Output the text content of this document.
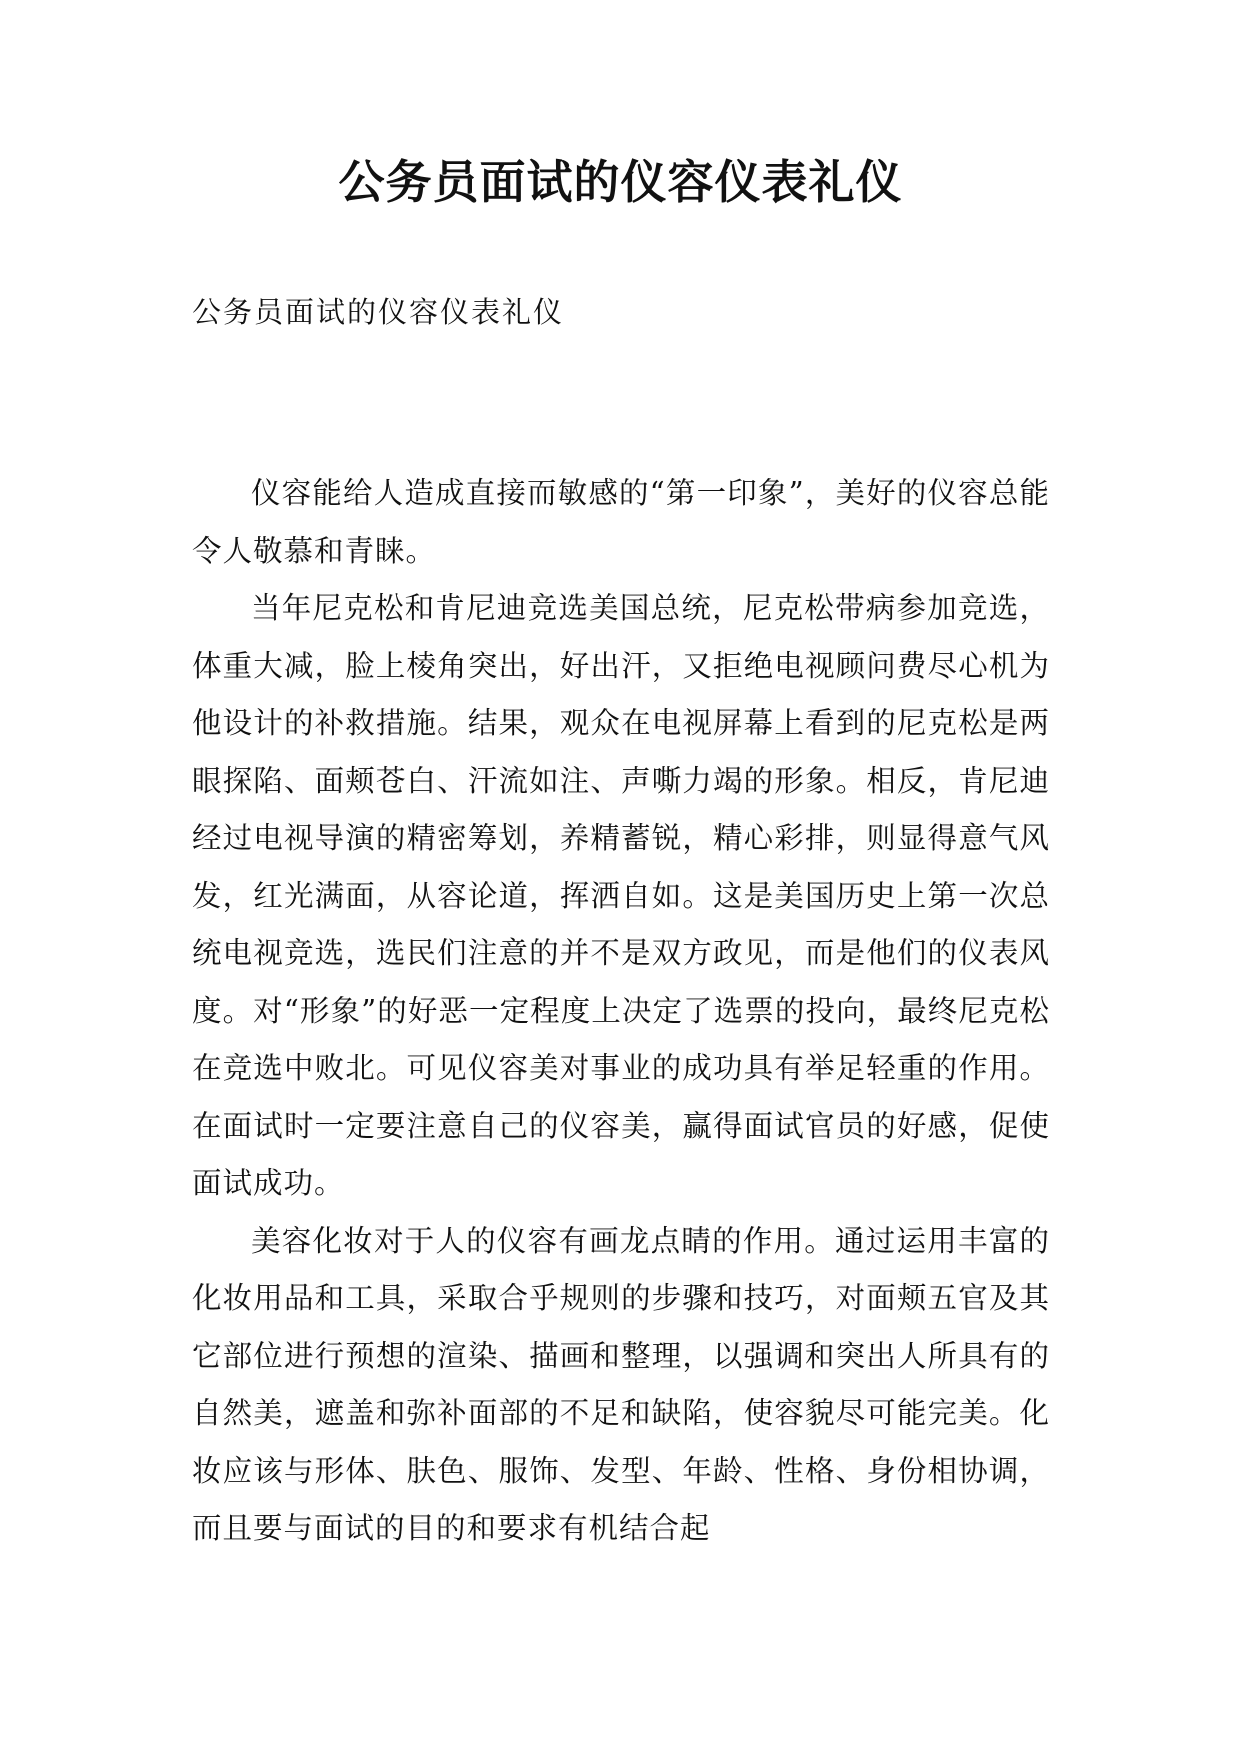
公务员面试的仪容仪表礼仪

公务员面试的仪容仪表礼仪

仪容能给人造成直接而敏感的“第一印象”，美好的仪容总能令人敬慕和青睐。

当年尼克松和肯尼迪竞选美国总统，尼克松带病参加竞选，体重大减，脸上棱角突出，好出汗，又拒绝电视顾问费尽心机为他设计的补救措施。结果，观众在电视屏幕上看到的尼克松是两眼探陷、面颊苍白、汗流如注、声嘶力竭的形象。相反，肯尼迪经过电视导演的精密筹划，养精蓄锐，精心彩排，则显得意气风发，红光满面，从容论道，挥洒自如。这是美国历史上第一次总统电视竞选，选民们注意的并不是双方政见，而是他们的仪表风度。对“形象”的好恶一定程度上决定了选票的投向，最终尼克松在竞选中败北。可见仪容美对事业的成功具有举足轻重的作用。在面试时一定要注意自己的仪容美，赢得面试官员的好感，促使面试成功。

美容化妆对于人的仪容有画龙点睛的作用。通过运用丰富的化妆用品和工具，采取合乎规则的步骤和技巧，对面颊五官及其它部位进行预想的渲染、描画和整理，以强调和突出人所具有的自然美，遮盖和弥补面部的不足和缺陷，使容貌尽可能完美。化妆应该与形体、肤色、服饰、发型、年龄、性格、身份相协调，而且要与面试的目的和要求有机结合起
